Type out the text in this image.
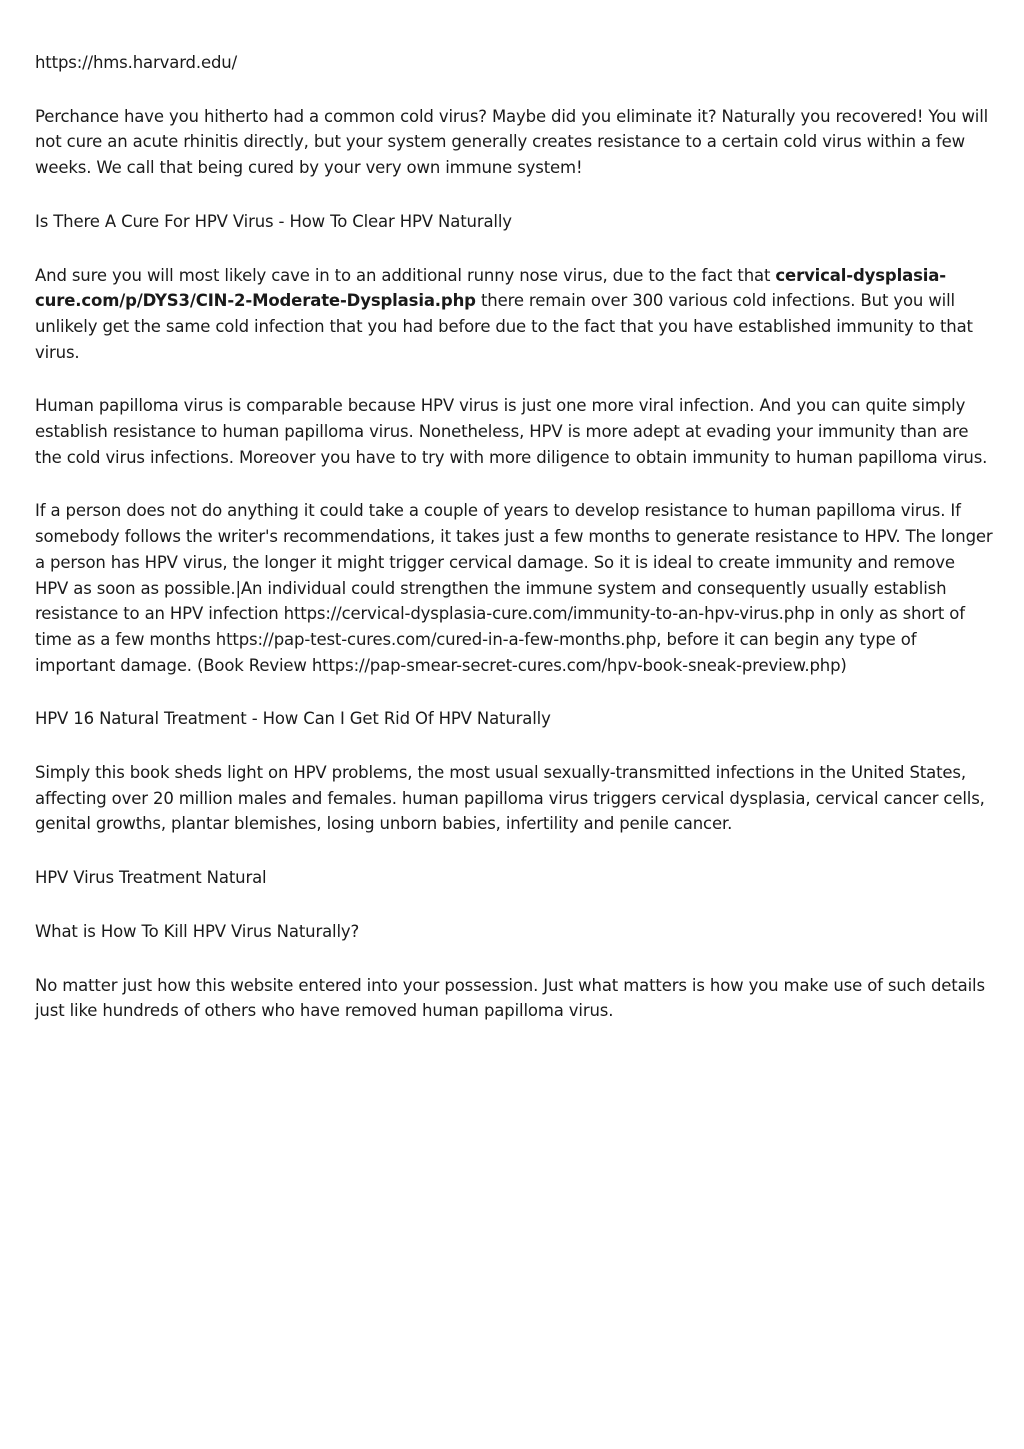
https://hms.harvard.edu/

Perchance have you hitherto had a common cold virus? Maybe did you eliminate it? Naturally you recovered! You will not cure an acute rhinitis directly, but your system generally creates resistance to a certain cold virus within a few weeks. We call that being cured by your very own immune system!

Is There A Cure For HPV Virus - How To Clear HPV Naturally

And sure you will most likely cave in to an additional runny nose virus, due to the fact that cervical-dysplasia-cure.com/p/DYS3/CIN-2-Moderate-Dysplasia.php there remain over 300 various cold infections. But you will unlikely get the same cold infection that you had before due to the fact that you have established immunity to that virus.

Human papilloma virus is comparable because HPV virus is just one more viral infection. And you can quite simply establish resistance to human papilloma virus. Nonetheless, HPV is more adept at evading your immunity than are the cold virus infections. Moreover you have to try with more diligence to obtain immunity to human papilloma virus.

If a person does not do anything it could take a couple of years to develop resistance to human papilloma virus. If somebody follows the writer's recommendations, it takes just a few months to generate resistance to HPV. The longer a person has HPV virus, the longer it might trigger cervical damage. So it is ideal to create immunity and remove HPV as soon as possible.|An individual could strengthen the immune system and consequently usually establish resistance to an HPV infection https://cervical-dysplasia-cure.com/immunity-to-an-hpv-virus.php in only as short of time as a few months https://pap-test-cures.com/cured-in-a-few-months.php, before it can begin any type of important damage. (Book Review https://pap-smear-secret-cures.com/hpv-book-sneak-preview.php)

HPV 16 Natural Treatment - How Can I Get Rid Of HPV Naturally

Simply this book sheds light on HPV problems, the most usual sexually-transmitted infections in the United States, affecting over 20 million males and females. human papilloma virus triggers cervical dysplasia, cervical cancer cells, genital growths, plantar blemishes, losing unborn babies, infertility and penile cancer.

HPV Virus Treatment Natural

What is How To Kill HPV Virus Naturally?

No matter just how this website entered into your possession. Just what matters is how you make use of such details just like hundreds of others who have removed human papilloma virus.
